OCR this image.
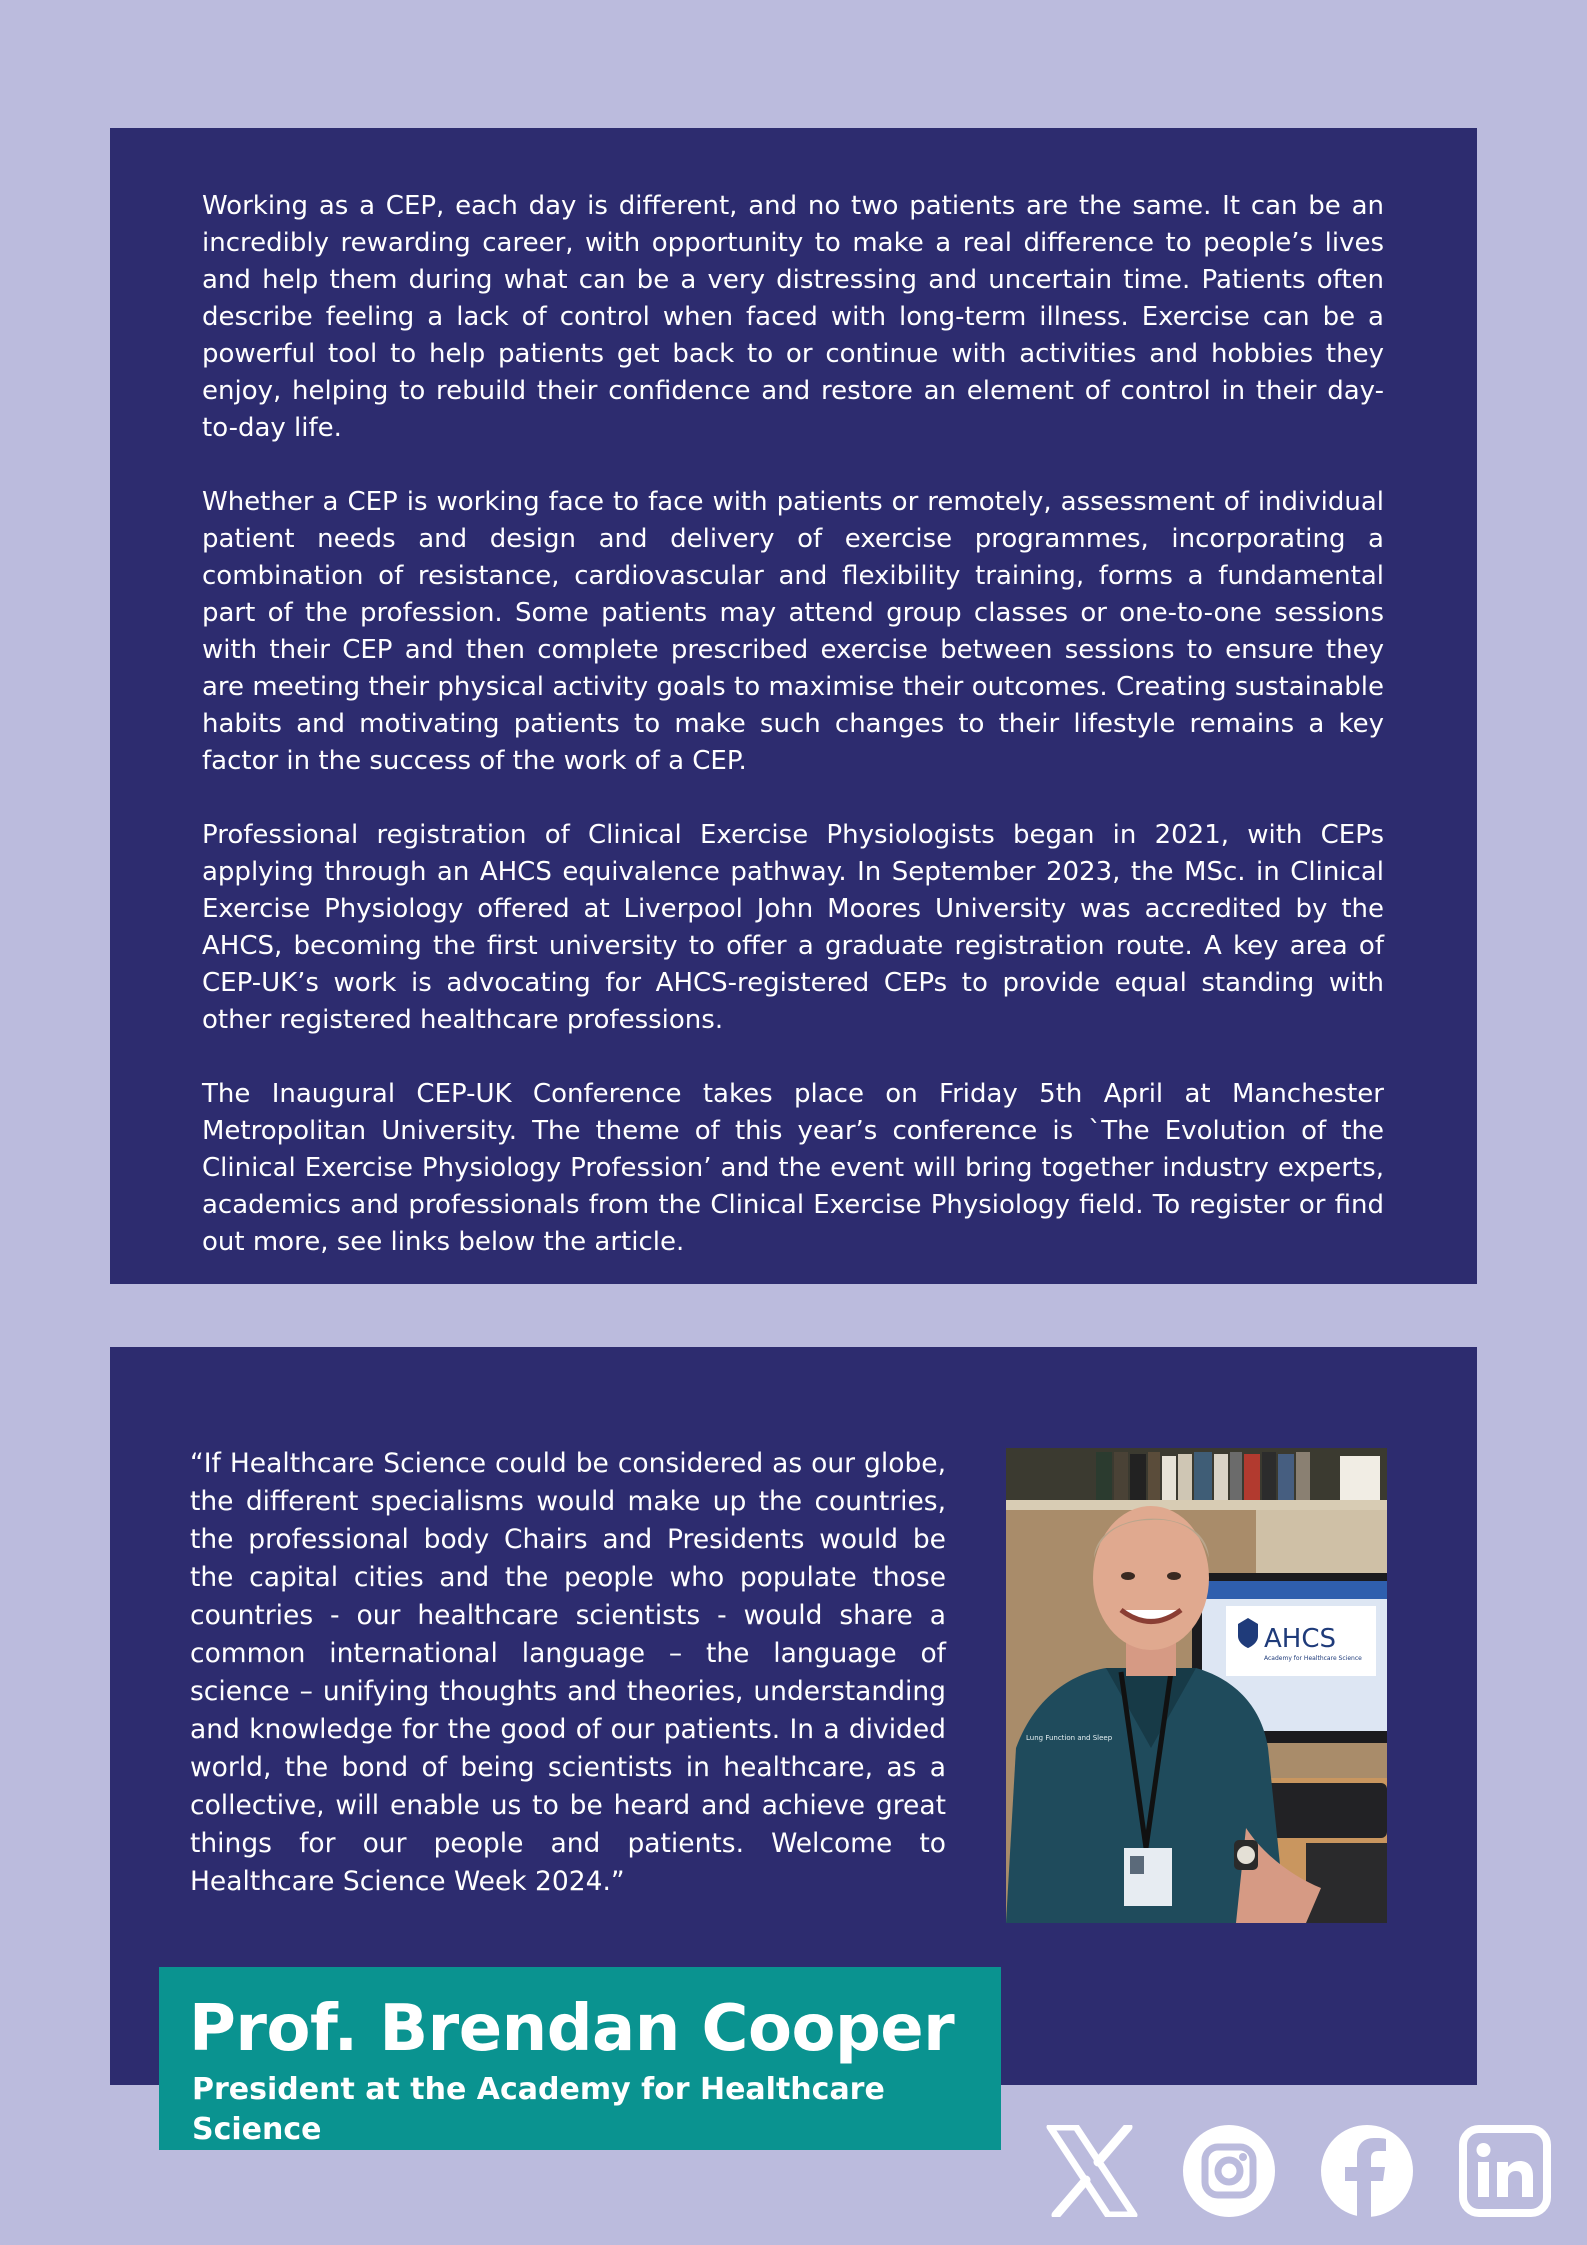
Working as a CEP, each day is different, and no two patients are the same. It can be an incredibly rewarding career, with opportunity to make a real difference to people’s lives and help them during what can be a very distressing and uncertain time. Patients often describe feeling a lack of control when faced with long-term illness. Exercise can be a powerful tool to help patients get back to or continue with activities and hobbies they enjoy, helping to rebuild their confidence and restore an element of control in their day-to-day life.

Whether a CEP is working face to face with patients or remotely, assessment of individual patient needs and design and delivery of exercise programmes, incorporating a combination of resistance, cardiovascular and flexibility training, forms a fundamental part of the profession. Some patients may attend group classes or one-to-one sessions with their CEP and then complete prescribed exercise between sessions to ensure they are meeting their physical activity goals to maximise their outcomes. Creating sustainable habits and motivating patients to make such changes to their lifestyle remains a key factor in the success of the work of a CEP.

Professional registration of Clinical Exercise Physiologists began in 2021, with CEPs applying through an AHCS equivalence pathway. In September 2023, the MSc. in Clinical Exercise Physiology offered at Liverpool John Moores University was accredited by the AHCS, becoming the first university to offer a graduate registration route. A key area of CEP-UK’s work is advocating for AHCS-registered CEPs to provide equal standing with other registered healthcare professions.

The Inaugural CEP-UK Conference takes place on Friday 5th April at Manchester Metropolitan University. The theme of this year’s conference is `The Evolution of the Clinical Exercise Physiology Profession’ and the event will bring together industry experts, academics and professionals from the Clinical Exercise Physiology field. To register or find out more, see links below the article.

“If Healthcare Science could be considered as our globe, the different specialisms would make up the countries, the professional body Chairs and Presidents would be the capital cities and the people who populate those countries - our healthcare scientists - would share a common international language – the language of science – unifying thoughts and theories, understanding and knowledge for the good of our patients. In a divided world, the bond of being scientists in healthcare, as a collective, will enable us to be heard and achieve great things for our people and patients. Welcome to Healthcare Science Week 2024.”

AHCS
Academy for Healthcare Science
Lung Function and Sleep
Prof. Brendan Cooper

President at the Academy for Healthcare Science
